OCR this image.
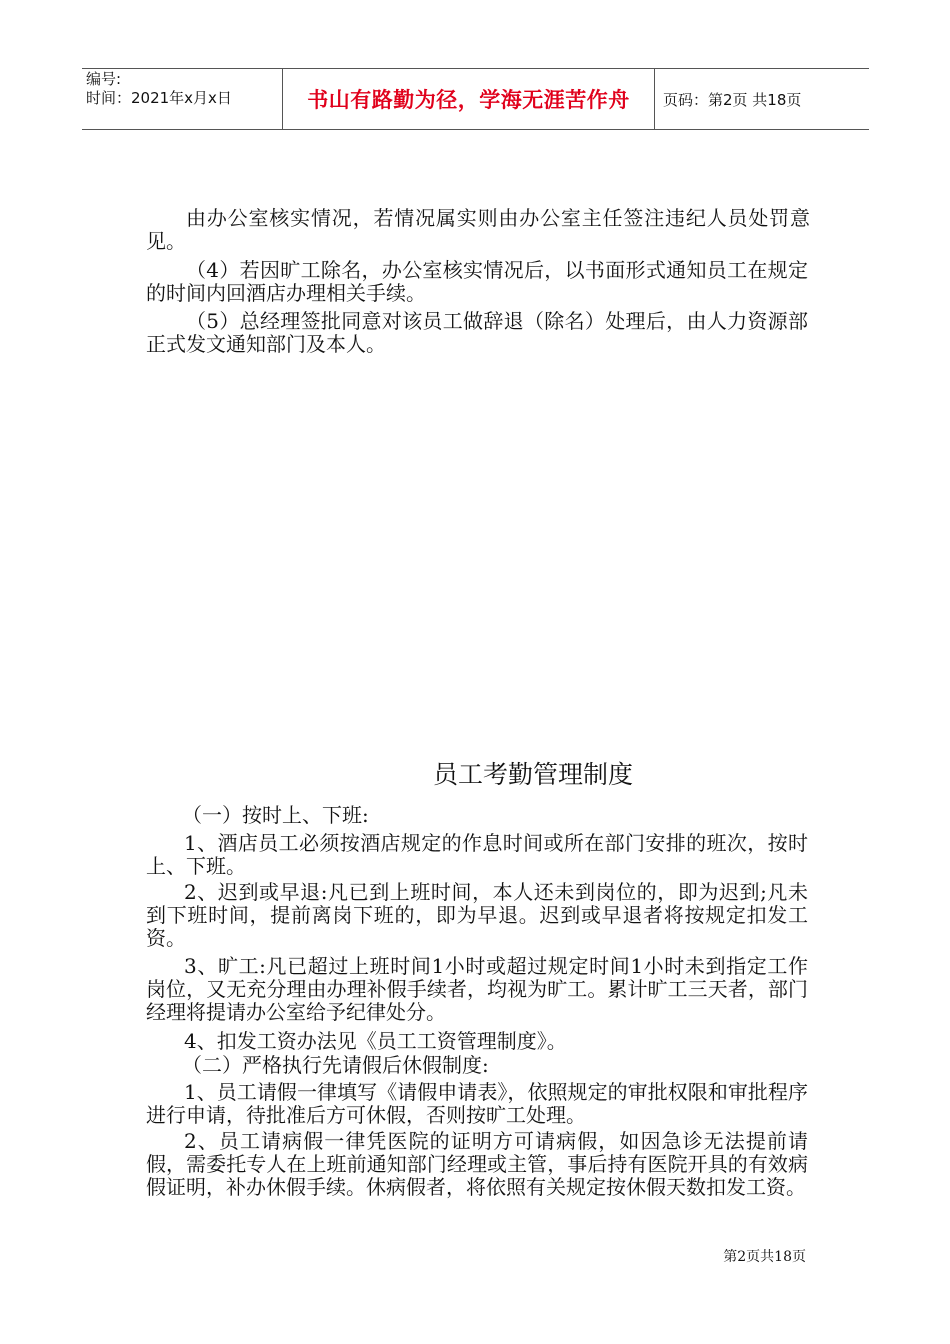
编号:
时间：2021年x月x日	书山有路勤为径，学海无涯苦作舟	页码：第2页 共18页

由办公室核实情况，若情况属实则由办公室主任签注违纪人员处罚意见。

（4）若因旷工除名，办公室核实情况后，以书面形式通知员工在规定的时间内回酒店办理相关手续。

（5）总经理签批同意对该员工做辞退（除名）处理后，由人力资源部正式发文通知部门及本人。

员工考勤管理制度

（一）按时上、下班:

1、酒店员工必须按酒店规定的作息时间或所在部门安排的班次，按时上、下班。

2、迟到或早退:凡已到上班时间，本人还未到岗位的，即为迟到;凡未到下班时间，提前离岗下班的，即为早退。迟到或早退者将按规定扣发工资。

3、旷工:凡已超过上班时间1小时或超过规定时间1小时未到指定工作岗位，又无充分理由办理补假手续者，均视为旷工。累计旷工三天者，部门经理将提请办公室给予纪律处分。

4、扣发工资办法见《员工工资管理制度》。

（二）严格执行先请假后休假制度:

1、员工请假一律填写《请假申请表》，依照规定的审批权限和审批程序进行申请，待批准后方可休假，否则按旷工处理。

2、员工请病假一律凭医院的证明方可请病假，如因急诊无法提前请假，需委托专人在上班前通知部门经理或主管，事后持有医院开具的有效病假证明，补办休假手续。休病假者，将依照有关规定按休假天数扣发工资。

第2页共18页
